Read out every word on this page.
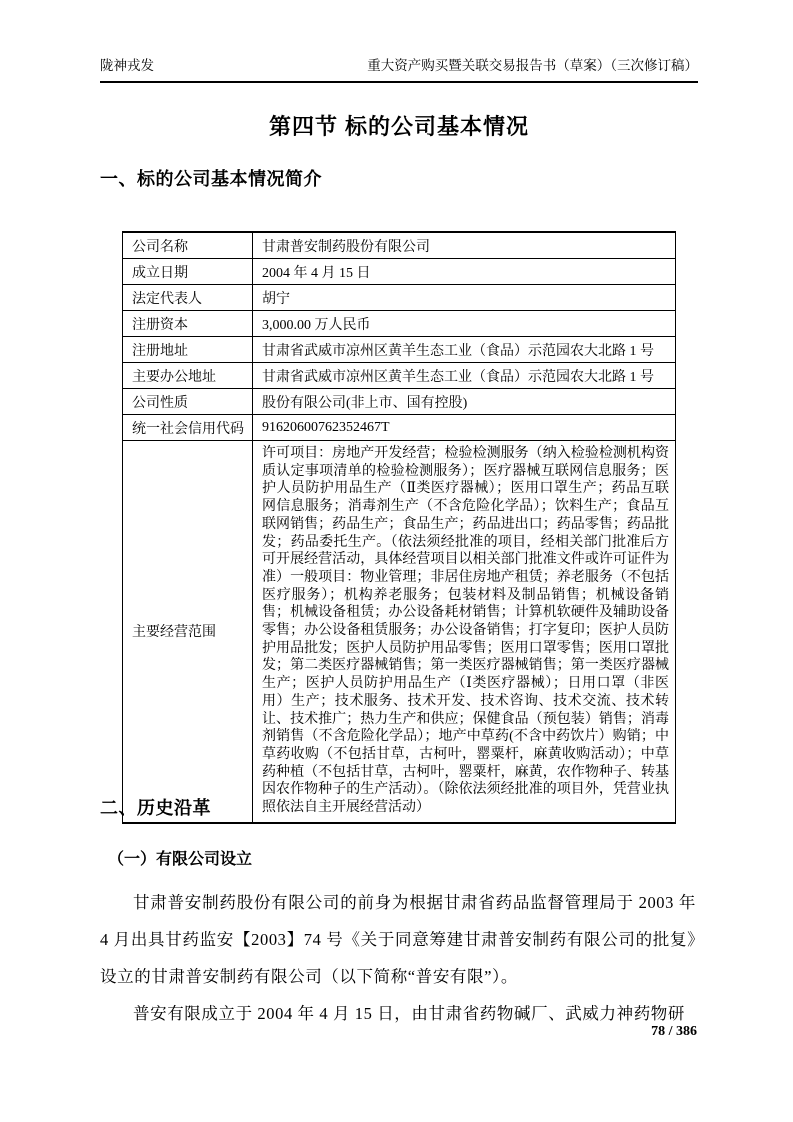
陇神戎发	重大资产购买暨关联交易报告书（草案）（三次修订稿）
第四节 标的公司基本情况
一、标的公司基本情况简介
公司名称	甘肃普安制药股份有限公司
成立日期	2004 年 4 月 15 日
法定代表人	胡宁
注册资本	3,000.00 万人民币
注册地址	甘肃省武威市凉州区黄羊生态工业（食品）示范园农大北路 1 号
主要办公地址	甘肃省武威市凉州区黄羊生态工业（食品）示范园农大北路 1 号
公司性质	股份有限公司(非上市、国有控股)
统一社会信用代码	91620600762352467T
主要经营范围	许可项目：房地产开发经营；检验检测服务（纳入检验检测机构资质认定事项清单的检验检测服务）；医疗器械互联网信息服务；医护人员防护用品生产（Ⅱ类医疗器械）；医用口罩生产；药品互联网信息服务；消毒剂生产（不含危险化学品）；饮料生产；食品互联网销售；药品生产；食品生产；药品进出口；药品零售；药品批发；药品委托生产。（依法须经批准的项目，经相关部门批准后方可开展经营活动，具体经营项目以相关部门批准文件或许可证件为准）一般项目：物业管理；非居住房地产租赁；养老服务（不包括医疗服务）；机构养老服务；包装材料及制品销售；机械设备销售；机械设备租赁；办公设备耗材销售；计算机软硬件及辅助设备零售；办公设备租赁服务；办公设备销售；打字复印；医护人员防护用品批发；医护人员防护用品零售；医用口罩零售；医用口罩批发；第二类医疗器械销售；第一类医疗器械销售；第一类医疗器械生产；医护人员防护用品生产（Ⅰ类医疗器械）；日用口罩（非医用）生产；技术服务、技术开发、技术咨询、技术交流、技术转让、技术推广；热力生产和供应；保健食品（预包装）销售；消毒剂销售（不含危险化学品）；地产中草药(不含中药饮片）购销；中草药收购（不包括甘草，古柯叶，罂粟杆，麻黄收购活动）；中草药种植（不包括甘草，古柯叶，罂粟杆，麻黄，农作物种子、转基因农作物种子的生产活动）。（除依法须经批准的项目外，凭营业执照依法自主开展经营活动）
二、历史沿革
（一）有限公司设立
甘肃普安制药股份有限公司的前身为根据甘肃省药品监督管理局于 2003 年 4 月出具甘药监安【2003】74 号《关于同意筹建甘肃普安制药有限公司的批复》设立的甘肃普安制药有限公司（以下简称“普安有限”）。
普安有限成立于 2004 年 4 月 15 日，由甘肃省药物碱厂、武威力神药物研
78 / 386
